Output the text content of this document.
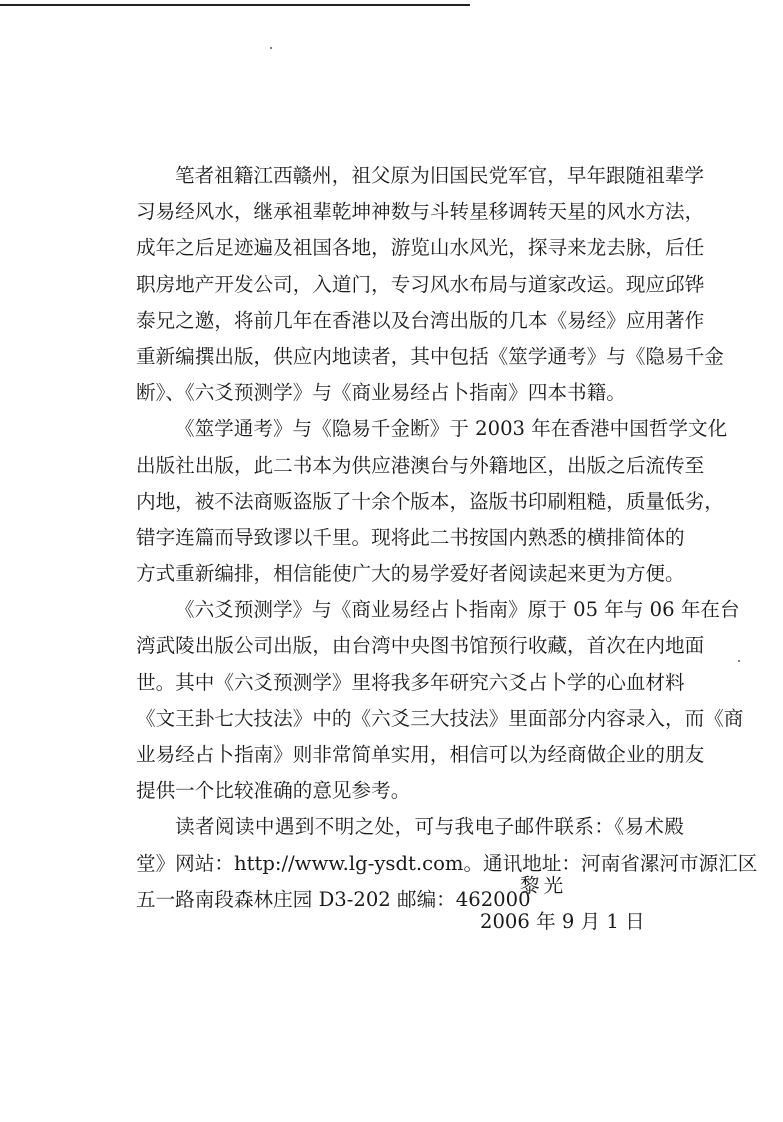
笔者祖籍江西赣州，祖父原为旧国民党军官，早年跟随祖辈学
习易经风水，继承祖辈乾坤神数与斗转星移调转天星的风水方法，
成年之后足迹遍及祖国各地，游览山水风光，探寻来龙去脉，后任
职房地产开发公司，入道门，专习风水布局与道家改运。现应邱铧
泰兄之邀，将前几年在香港以及台湾出版的几本《易经》应用著作
重新编撰出版，供应内地读者，其中包括《筮学通考》与《隐易千金
断》、《六爻预测学》与《商业易经占卜指南》四本书籍。
《筮学通考》与《隐易千金断》于 2003 年在香港中国哲学文化
出版社出版，此二书本为供应港澳台与外籍地区，出版之后流传至
内地，被不法商贩盗版了十余个版本，盗版书印刷粗糙，质量低劣，
错字连篇而导致谬以千里。现将此二书按国内熟悉的横排简体的
方式重新编排，相信能使广大的易学爱好者阅读起来更为方便。
《六爻预测学》与《商业易经占卜指南》原于 05 年与 06 年在台
湾武陵出版公司出版，由台湾中央图书馆预行收藏，首次在内地面
世。其中《六爻预测学》里将我多年研究六爻占卜学的心血材料
《文王卦七大技法》中的《六爻三大技法》里面部分内容录入，而《商
业易经占卜指南》则非常简单实用，相信可以为经商做企业的朋友
提供一个比较准确的意见参考。
读者阅读中遇到不明之处，可与我电子邮件联系：《易术殿
堂》网站：http://www.lg-ysdt.com。通讯地址：河南省漯河市源汇区
五一路南段森林庄园 D3-202 邮编：462000
黎光
2006 年 9 月 1 日
